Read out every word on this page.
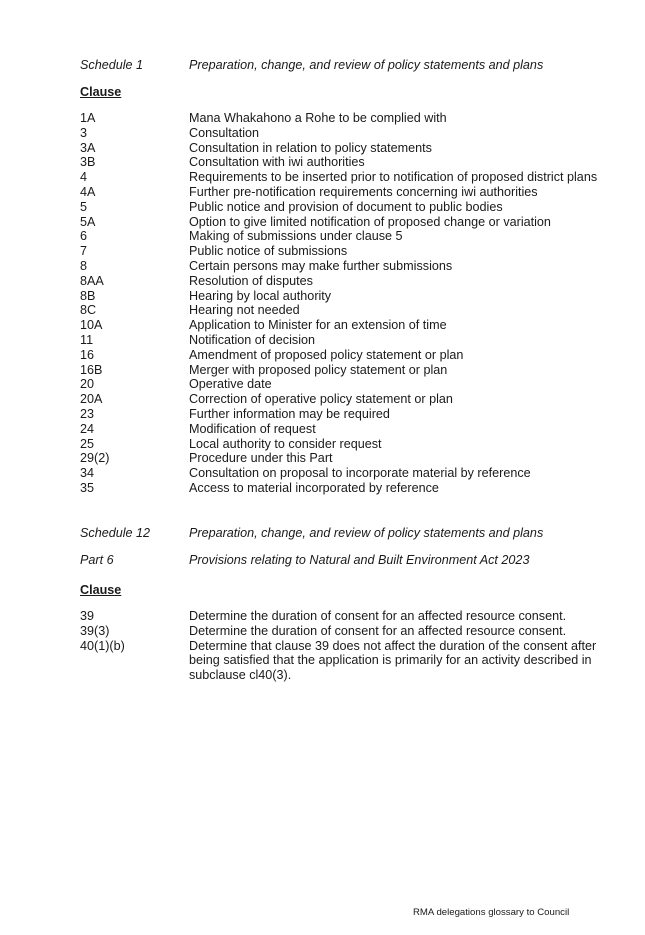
Schedule 1	Preparation, change, and review of policy statements and plans
Clause
1A	Mana Whakahono a Rohe to be complied with
3	Consultation
3A	Consultation in relation to policy statements
3B	Consultation with iwi authorities
4	Requirements to be inserted prior to notification of proposed district plans
4A	Further pre-notification requirements concerning iwi authorities
5	Public notice and provision of document to public bodies
5A	Option to give limited notification of proposed change or variation
6	Making of submissions under clause 5
7	Public notice of submissions
8	Certain persons may make further submissions
8AA	Resolution of disputes
8B	Hearing by local authority
8C	Hearing not needed
10A	Application to Minister for an extension of time
11	Notification of decision
16	Amendment of proposed policy statement or plan
16B	Merger with proposed policy statement or plan
20	Operative date
20A	Correction of operative policy statement or plan
23	Further information may be required
24	Modification of request
25	Local authority to consider request
29(2)	Procedure under this Part
34	Consultation on proposal to incorporate material by reference
35	Access to material incorporated by reference
Schedule 12	Preparation, change, and review of policy statements and plans
Part 6	Provisions relating to Natural and Built Environment Act 2023
Clause
39	Determine the duration of consent for an affected resource consent.
39(3)	Determine the duration of consent for an affected resource consent.
40(1)(b)	Determine that clause 39 does not affect the duration of the consent after being satisfied that the application is primarily for an activity described in subclause cl40(3).
RMA delegations glossary to Council
